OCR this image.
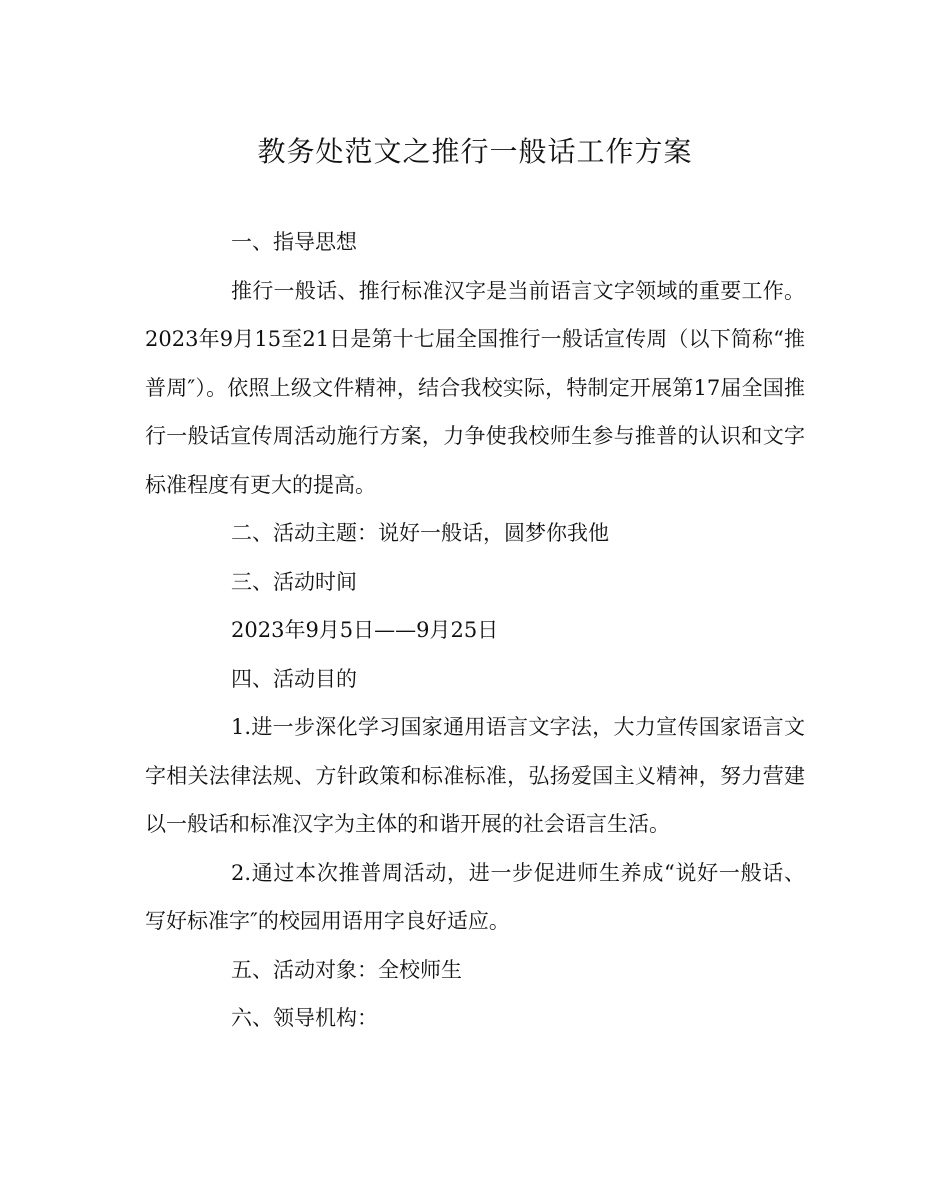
教务处范文之推行一般话工作方案

一、指导思想

推行一般话、推行标准汉字是当前语言文字领域的重要工作。2023年9月15至21日是第十七届全国推行一般话宣传周（以下简称“推普周″）。依照上级文件精神，结合我校实际，特制定开展第17届全国推行一般话宣传周活动施行方案，力争使我校师生参与推普的认识和文字标准程度有更大的提高。

二、活动主题：说好一般话，圆梦你我他

三、活动时间

2023年9月5日——9月25日

四、活动目的

1.进一步深化学习国家通用语言文字法，大力宣传国家语言文字相关法律法规、方针政策和标准标准，弘扬爱国主义精神，努力营建以一般话和标准汉字为主体的和谐开展的社会语言生活。

2.通过本次推普周活动，进一步促进师生养成“说好一般话、写好标准字″的校园用语用字良好适应。

五、活动对象：全校师生

六、领导机构：
